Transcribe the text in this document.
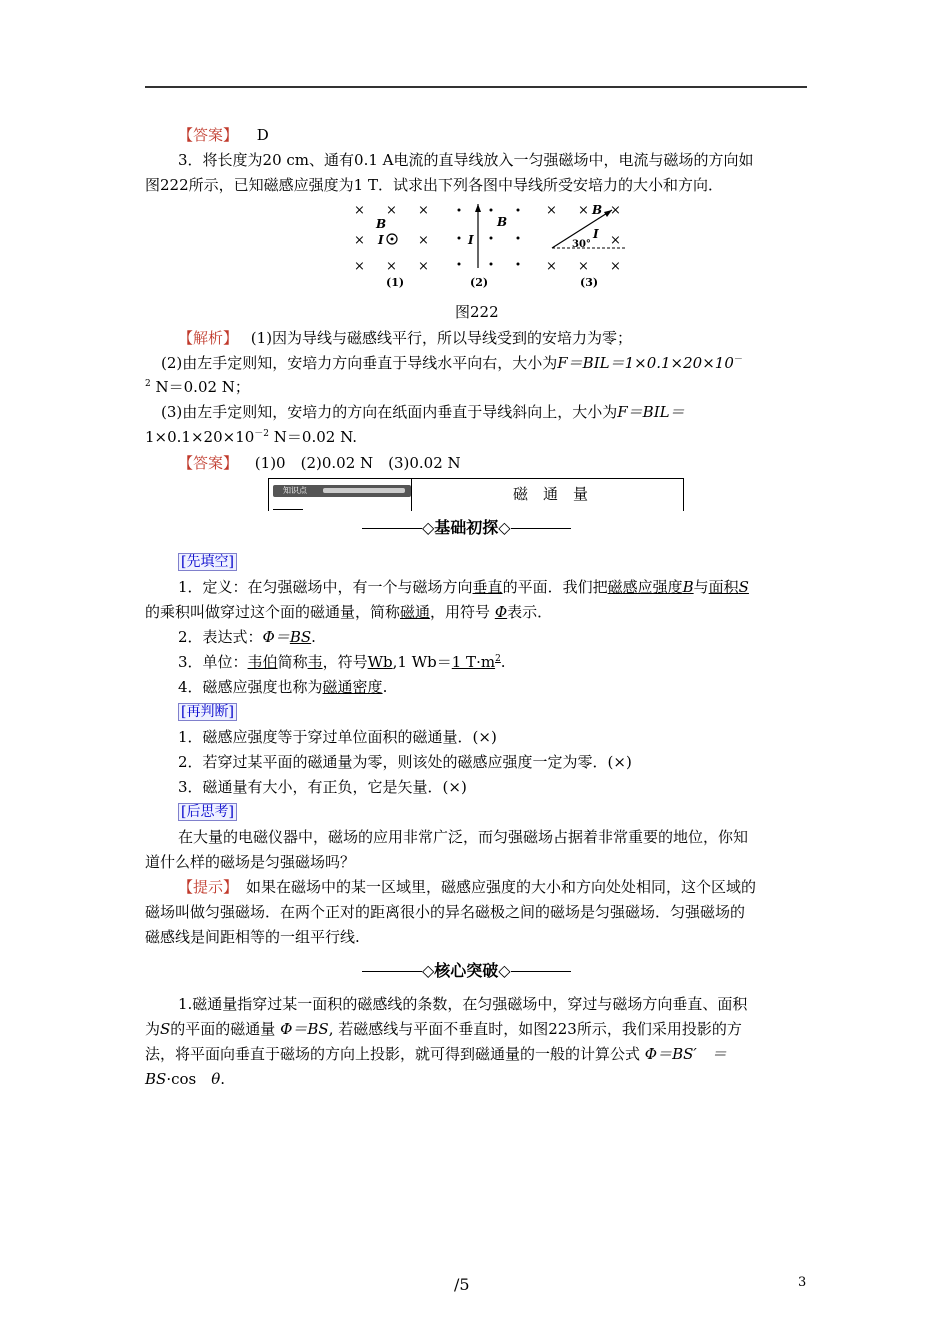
【答案】 D
3．将长度为20 cm、通有0.1 A电流的直导线放入一匀强磁场中，电流与磁场的方向如
图222所示，已知磁感应强度为1 T．试求出下列各图中导线所受安培力的大小和方向．
× × ×
×	×
× × ×
B
I
(1)
B
I
(2)
× × ×
×
× × ×
B
30°
I
(3)
图222
【解析】 (1)因为导线与磁感线平行，所以导线受到的安培力为零；
(2)由左手定则知，安培力方向垂直于导线水平向右，大小为F＝BIL＝1×0.1×20×10－
$^2$ N＝0.02 N；
(3)由左手定则知，安培力的方向在纸面内垂直于导线斜向上，大小为F＝BIL＝
$1\times 0.1\times 20\times 10^{-2}$ N＝0.02 N.
【答案】 (1)0　(2)0.02 N　(3)0.02 N
知识点	磁　通　量
◇基础初探◇
[先填空]
1．定义：在匀强磁场中，有一个与磁场方向垂直的平面．我们把磁感应强度B与面积S
的乘积叫做穿过这个面的磁通量，简称磁通，用符号 Φ表示．
2．表达式：Φ＝BS.
3．单位：韦伯简称韦，符号Wb,1 Wb＝1 $T\cdot m^2$.
4．磁感应强度也称为磁通密度.
[再判断]
1．磁感应强度等于穿过单位面积的磁通量．(×)
2．若穿过某平面的磁通量为零，则该处的磁感应强度一定为零．(×)
3．磁通量有大小，有正负，它是矢量．(×)
[后思考]
在大量的电磁仪器中，磁场的应用非常广泛，而匀强磁场占据着非常重要的地位，你知
道什么样的磁场是匀强磁场吗？
【提示】 如果在磁场中的某一区域里，磁感应强度的大小和方向处处相同，这个区域的
磁场叫做匀强磁场．在两个正对的距离很小的异名磁极之间的磁场是匀强磁场．匀强磁场的
磁感线是间距相等的一组平行线.
◇核心突破◇
1.磁通量指穿过某一面积的磁感线的条数，在匀强磁场中，穿过与磁场方向垂直、面积
为S的平面的磁通量 Φ＝BS, 若磁感线与平面不垂直时，如图223所示，我们采用投影的方
法，将平面向垂直于磁场的方向上投影，就可得到磁通量的一般的计算公式 Φ＝BS′　＝
BS·cos　θ.
/5	3
